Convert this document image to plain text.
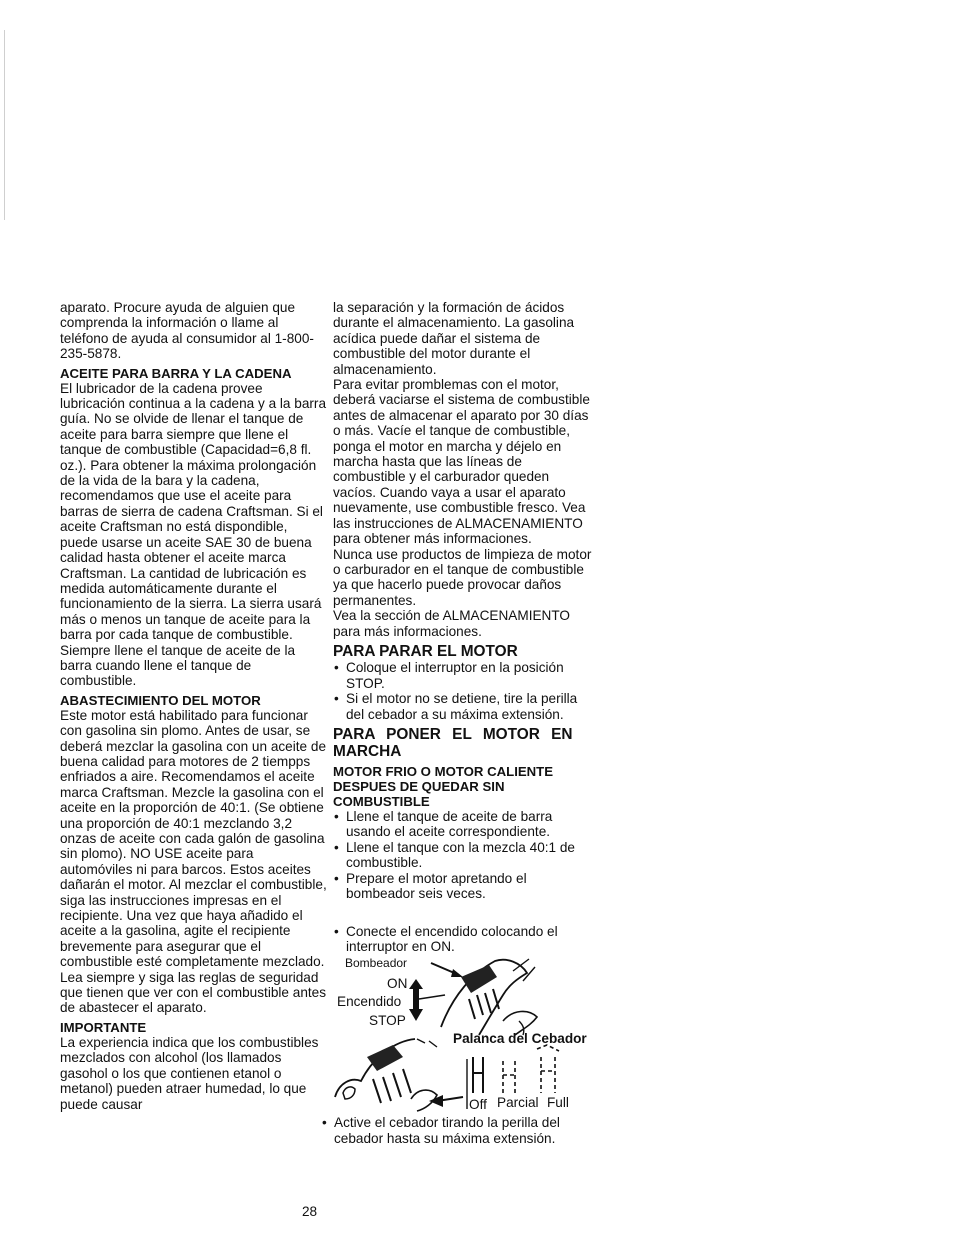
aparato. Procure ayuda de alguien que comprenda la información o llame al teléfono de ayuda al consumidor al 1-800-235-5878.

ACEITE PARA BARRA Y LA CADENA

El lubricador de la cadena provee lubricación continua a la cadena y a la barra guía. No se olvide de llenar el tanque de aceite para barra siempre que llene el tanque de combustible (Capacidad=6,8 fl. oz.). Para obtener la máxima prolongación de la vida de la bara y la cadena, recomendamos que use el aceite para barras de sierra de cadena Craftsman. Si el aceite Craftsman no está dispondible, puede usarse un aceite SAE 30 de buena calidad hasta obtener el aceite marca Craftsman. La cantidad de lubricación es medida automáticamente durante el funcionamiento de la sierra. La sierra usará más o menos un tanque de aceite para la barra por cada tanque de combustible. Siempre llene el tanque de aceite de la barra cuando llene el tanque de combustible.

ABASTECIMIENTO DEL MOTOR

Este motor está habilitado para funcionar con gasolina sin plomo. Antes de usar, se deberá mezclar la gasolina con un aceite de buena calidad para motores de 2 tiempps enfriados a aire. Recomendamos el aceite marca Craftsman. Mezcle la gasolina con el aceite en la proporción de 40:1. (Se obtiene una proporción de 40:1 mezclando 3,2 onzas de aceite con cada galón de gasolina sin plomo). NO USE aceite para automóviles ni para barcos. Estos aceites dañarán el motor. Al mezclar el combustible, siga las instrucciones impresas en el recipiente. Una vez que haya añadido el aceite a la gasolina, agite el recipiente brevemente para asegurar que el combustible esté completamente mezclado. Lea siempre y siga las reglas de seguridad que tienen que ver con el combustible antes de abastecer el aparato.

IMPORTANTE

La experiencia indica que los combustibles mezclados con alcohol (los llamados gasohol o los que contienen etanol o metanol) pueden atraer humedad, lo que puede causar

la separación y la formación de ácidos durante el almacenamiento. La gasolina acídica puede dañar el sistema de combustible del motor durante el almacenamiento.

Para evitar promblemas con el motor, deberá vaciarse el sistema de combustible antes de almacenar el aparato por 30 días o más. Vacíe el tanque de combustible, ponga el motor en marcha y déjelo en marcha hasta que las líneas de combustible y el carburador queden vacíos. Cuando vaya a usar el aparato nuevamente, use combustible fresco. Vea las instrucciones de ALMACENAMIENTO para obtener más informaciones.

Nunca use productos de limpieza de motor o carburador en el tanque de combustible ya que hacerlo puede provocar daños permanentes.

Vea la sección de ALMACENAMIENTO para más informaciones.

PARA PARAR EL MOTOR
• Coloque el interruptor en la posición STOP.
• Si el motor no se detiene, tire la perilla del cebador a su máxima extensión.
PARA PONER EL MOTOR EN MARCHA
MOTOR FRIO O MOTOR CALIENTE DESPUES DE QUEDAR SIN COMBUSTIBLE
• Llene el tanque de aceite de barra usando el aceite correspondiente.
• Llene el tanque con la mezcla 40:1 de combustible.
• Prepare el motor apretando el bombeador seis veces.
• Conecte el encendido colocando el interruptor en ON.
Bombeador
ON
Encendido
STOP
Palanca del Cebador
Off Parcial Full
• Active el cebador tirando la perilla del cebador hasta su máxima extensión.
28
